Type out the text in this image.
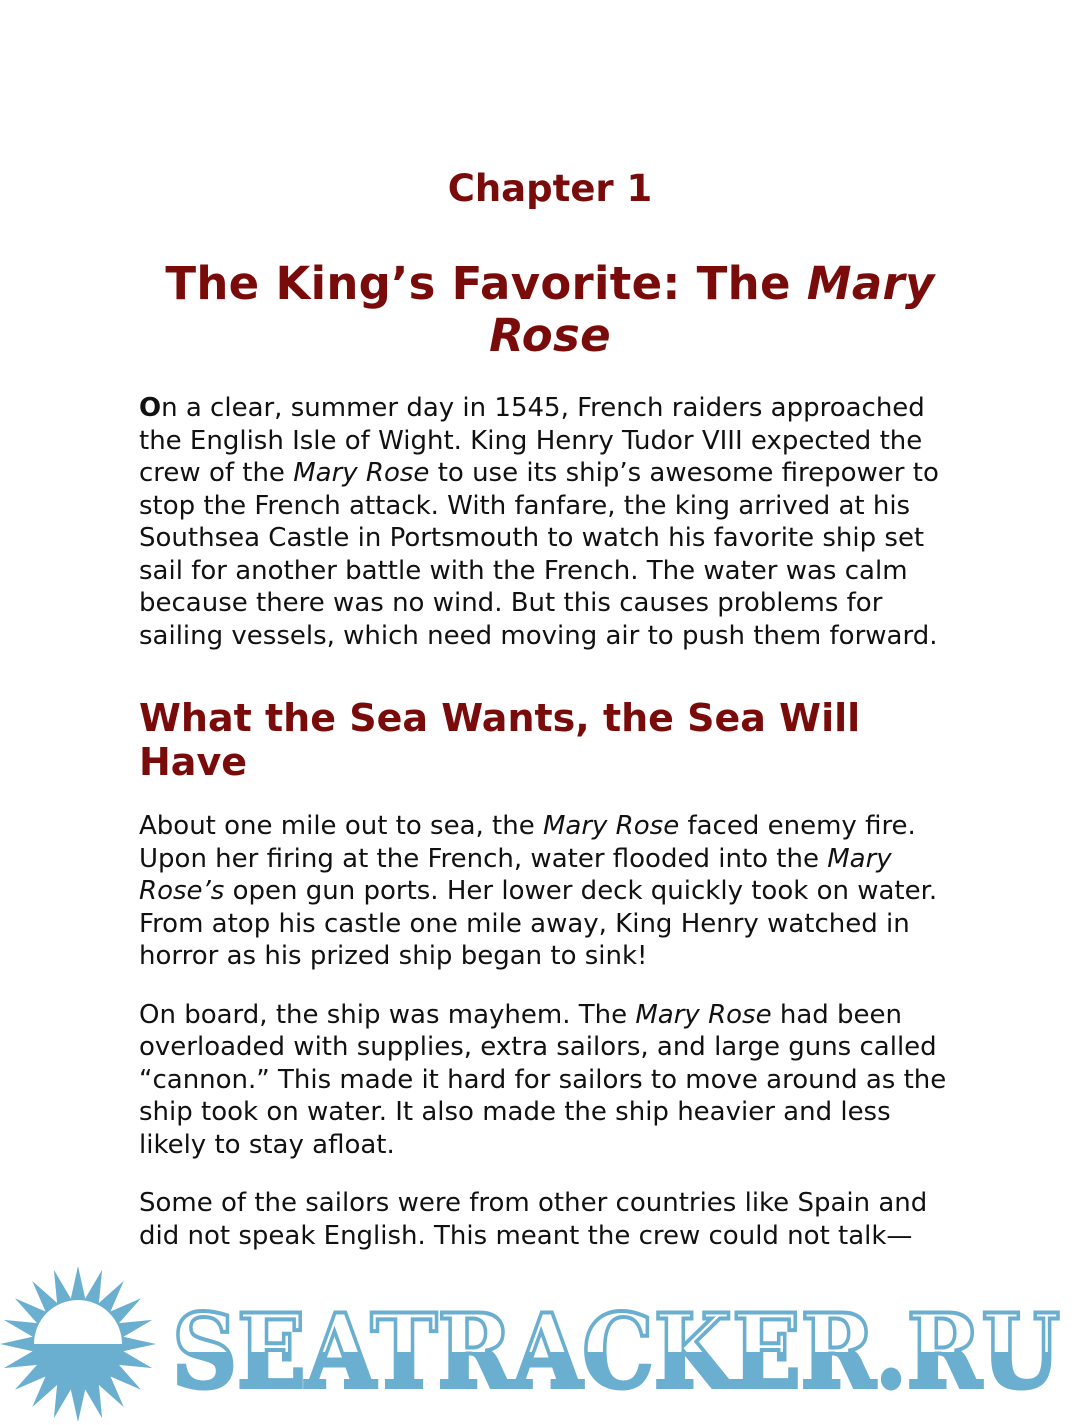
Chapter 1
The King’s Favorite: The Mary Rose

On a clear, summer day in 1545, French raiders approached the English Isle of Wight. King Henry Tudor VIII expected the crew of the Mary Rose to use its ship’s awesome firepower to stop the French attack. With fanfare, the king arrived at his Southsea Castle in Portsmouth to watch his favorite ship set sail for another battle with the French. The water was calm because there was no wind. But this causes problems for sailing vessels, which need moving air to push them forward.

What the Sea Wants, the Sea Will Have

About one mile out to sea, the Mary Rose faced enemy fire. Upon her firing at the French, water flooded into the Mary Rose’s open gun ports. Her lower deck quickly took on water. From atop his castle one mile away, King Henry watched in horror as his prized ship began to sink!

On board, the ship was mayhem. The Mary Rose had been overloaded with supplies, extra sailors, and large guns called “cannon.” This made it hard for sailors to move around as the ship took on water. It also made the ship heavier and less likely to stay afloat.

Some of the sailors were from other countries like Spain and did not speak English. This meant the crew could not talk—

SEATRACKER.RU
